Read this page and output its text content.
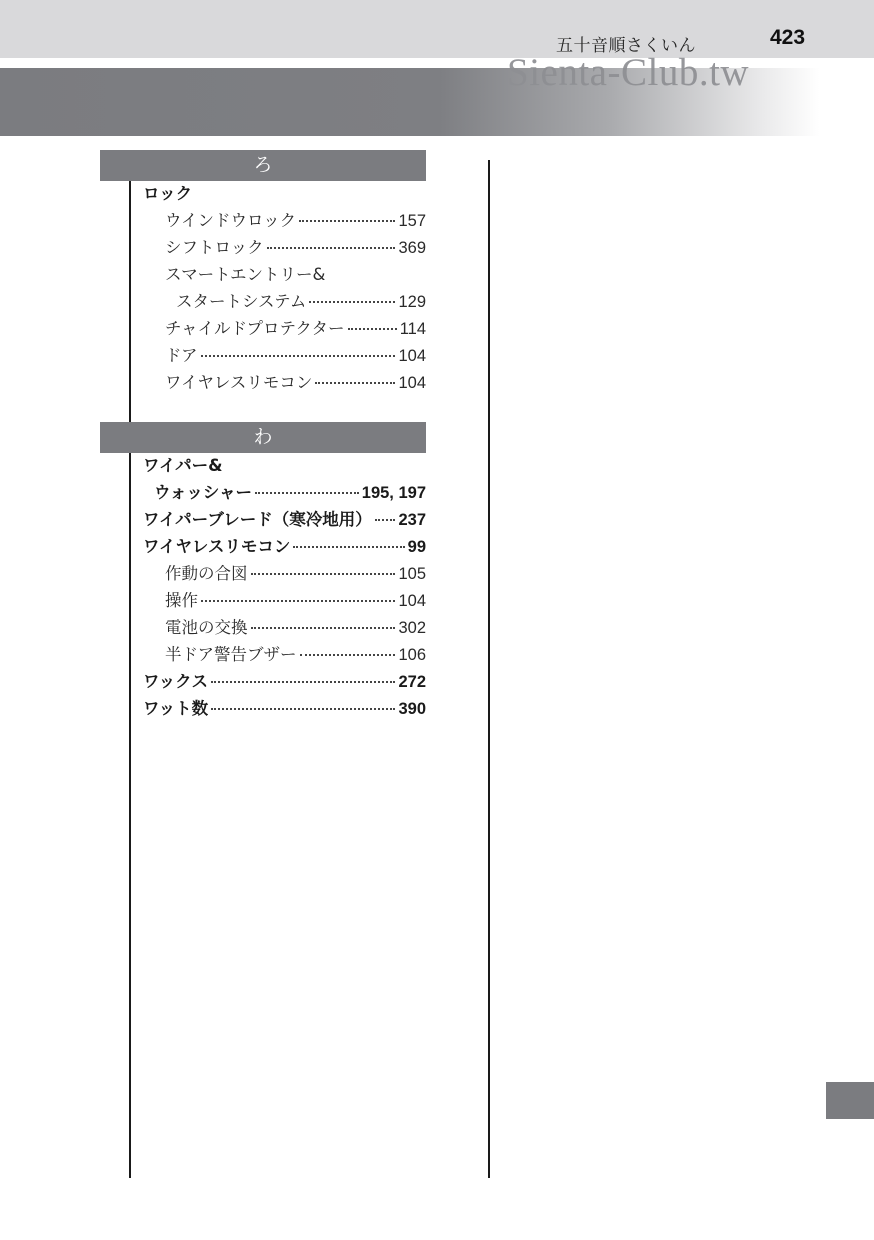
五十音順さくいん	423
Sienta-Club.tw
ろ
ロック
ウインドウロック	157
シフトロック	369
スマートエントリー&
スタートシステム	129
チャイルドプロテクター	114
ドア	104
ワイヤレスリモコン	104
わ
ワイパー&
ウォッシャー	195, 197
ワイパーブレード（寒冷地用） 237
ワイヤレスリモコン	99
作動の合図	105
操作	104
電池の交換	302
半ドア警告ブザー	106
ワックス	272
ワット数	390
